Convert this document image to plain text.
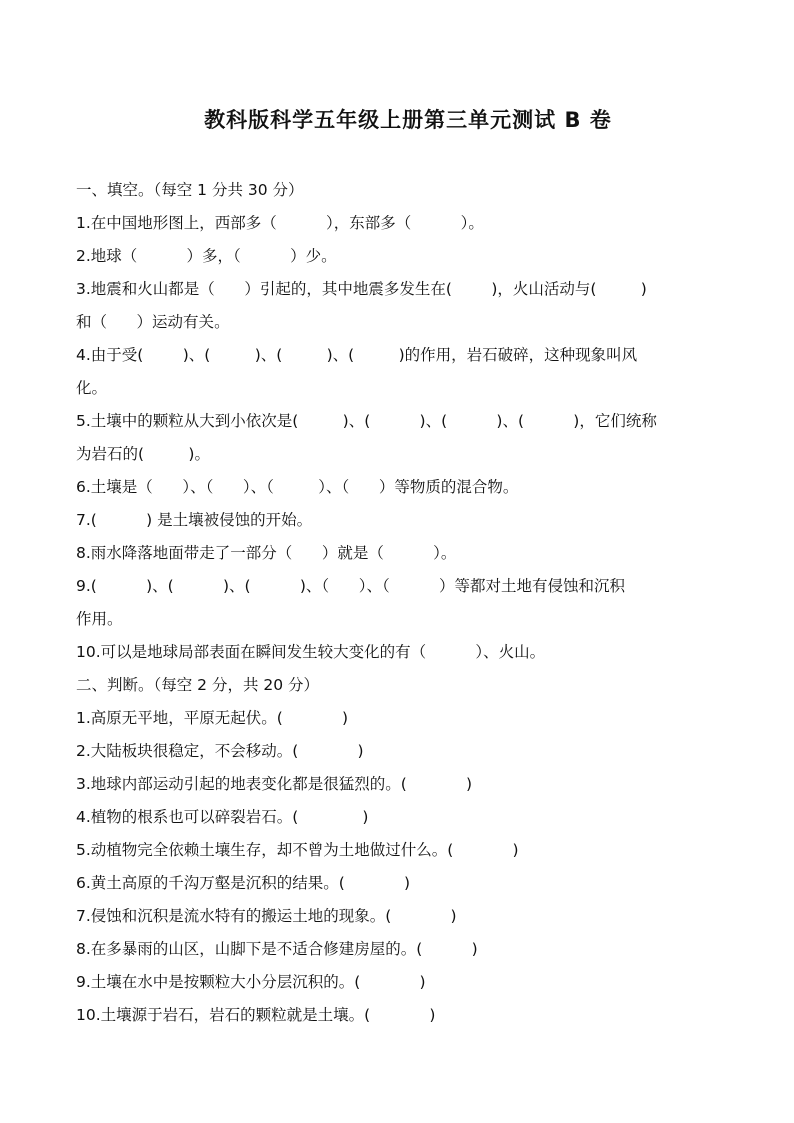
教科版科学五年级上册第三单元测试 B 卷
一、填空。（每空 1 分共 30 分）
1.在中国地形图上，西部多（          ），东部多（          ）。
2.地球（          ）多，（          ）少。
3.地震和火山都是（      ）引起的，其中地震多发生在(        )，火山活动与(         )
和（      ）运动有关。
4.由于受(        )、(         )、(         )、(         )的作用，岩石破碎，这种现象叫风
化。
5.土壤中的颗粒从大到小依次是(         )、(          )、(          )、(          )，它们统称
为岩石的(         )。
6.土壤是（      ）、（      ）、（         ）、（      ）等物质的混合物。
7.(          ) 是土壤被侵蚀的开始。
8.雨水降落地面带走了一部分（      ）就是（          ）。
9.(          )、(          )、(          )、（      ）、（          ）等都对土地有侵蚀和沉积
作用。
10.可以是地球局部表面在瞬间发生较大变化的有（          ）、火山。
二、判断。（每空 2 分，共 20 分）
1.高原无平地，平原无起伏。(            )
2.大陆板块很稳定，不会移动。(            )
3.地球内部运动引起的地表变化都是很猛烈的。(            )
4.植物的根系也可以碎裂岩石。(             )
5.动植物完全依赖土壤生存，却不曾为土地做过什么。(            )
6.黄土高原的千沟万壑是沉积的结果。(            )
7.侵蚀和沉积是流水特有的搬运土地的现象。(            )
8.在多暴雨的山区，山脚下是不适合修建房屋的。(          )
9.土壤在水中是按颗粒大小分层沉积的。(            )
10.土壤源于岩石，岩石的颗粒就是土壤。(            )
